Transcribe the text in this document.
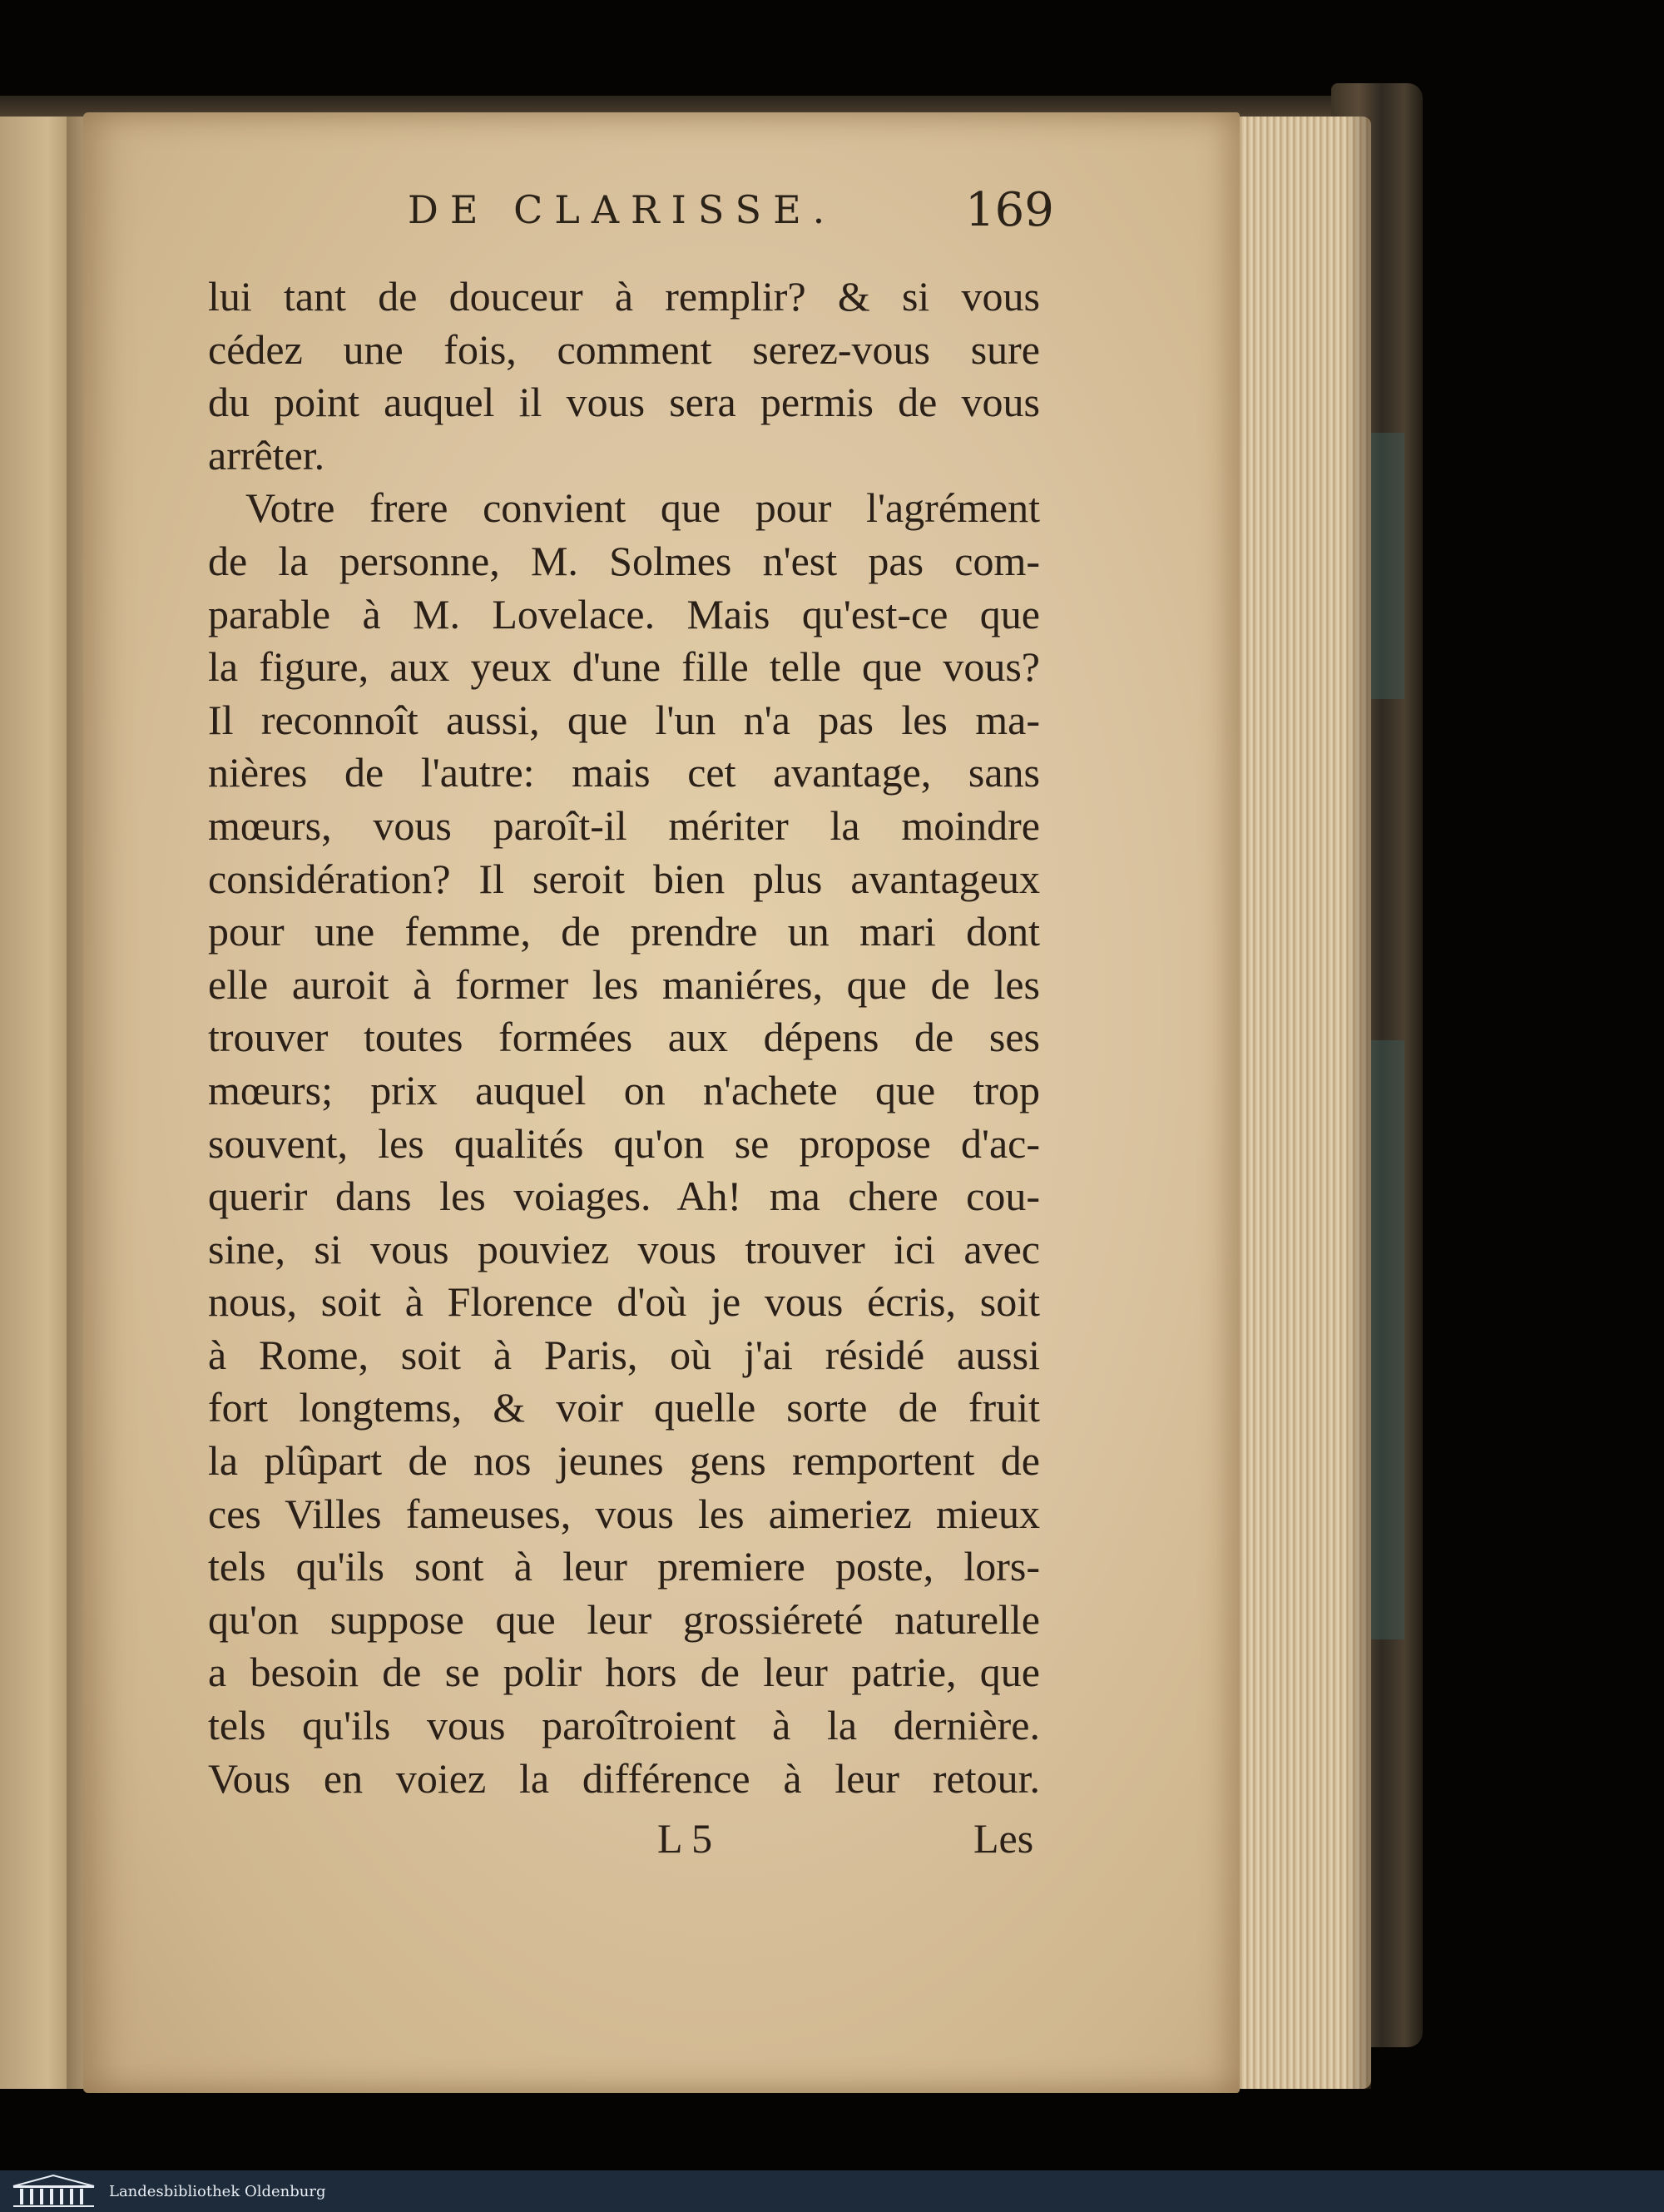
DE CLARISSE.	169
lui tant de douceur à remplir? & si vous
cédez une fois, comment serez-vous sure
du point auquel il vous sera permis de vous
arrêter.
Votre frere convient que pour l'agrément
de la personne, M. Solmes n'est pas com-
parable à M. Lovelace. Mais qu'est-ce que
la figure, aux yeux d'une fille telle que vous?
Il reconnoît aussi, que l'un n'a pas les ma-
nières de l'autre: mais cet avantage, sans
mœurs, vous paroît-il mériter la moindre
considération? Il seroit bien plus avantageux
pour une femme, de prendre un mari dont
elle auroit à former les maniéres, que de les
trouver toutes formées aux dépens de ses
mœurs; prix auquel on n'achete que trop
souvent, les qualités qu'on se propose d'ac-
querir dans les voiages. Ah! ma chere cou-
sine, si vous pouviez vous trouver ici avec
nous, soit à Florence d'où je vous écris, soit
à Rome, soit à Paris, où j'ai résidé aussi
fort longtems, & voir quelle sorte de fruit
la plûpart de nos jeunes gens remportent de
ces Villes fameuses, vous les aimeriez mieux
tels qu'ils sont à leur premiere poste, lors-
qu'on suppose que leur grossiéreté naturelle
a besoin de se polir hors de leur patrie, que
tels qu'ils vous paroîtroient à la dernière.
Vous en voiez la différence à leur retour.
L 5	Les
Landesbibliothek Oldenburg
